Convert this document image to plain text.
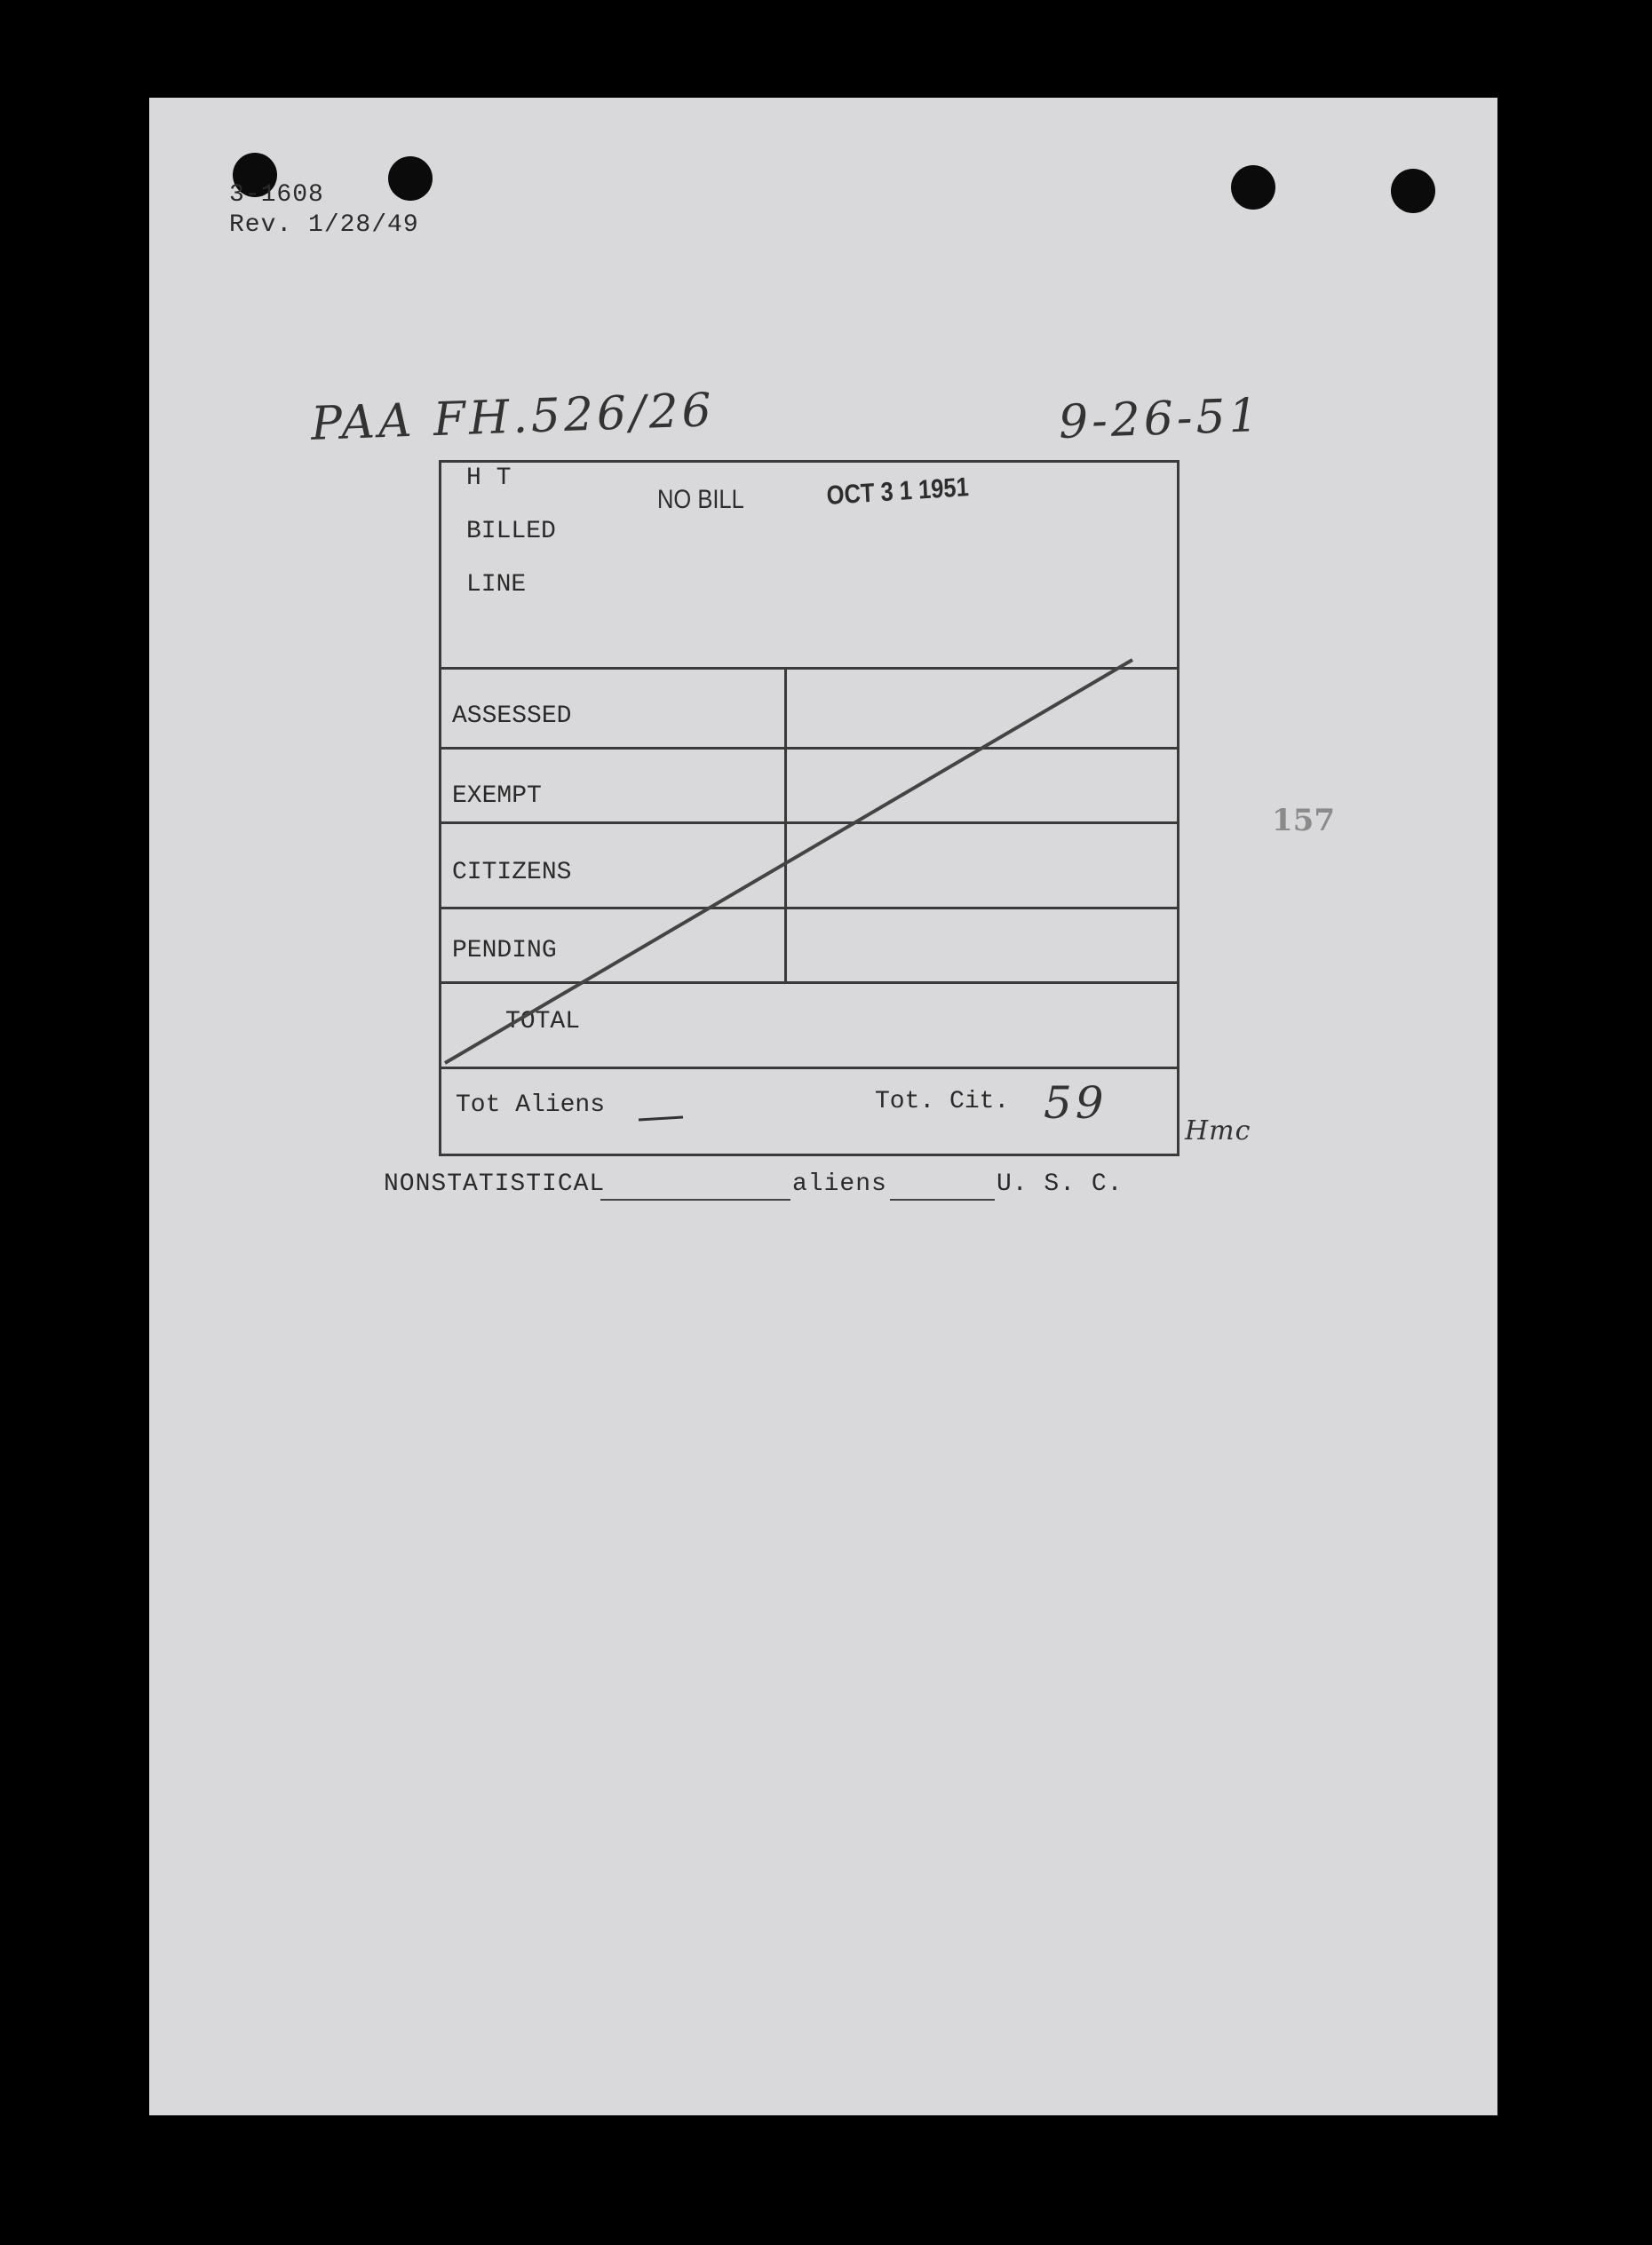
3-1608
Rev. 1/28/49
PAA FH.526/26	9-26-51
NO BILL	OCT 3 1 1951
157
H T
BILLED
LINE
ASSESSED
EXEMPT
CITIZENS
PENDING
TOTAL
Tot Aliens	Tot. Cit. 59
Hmc
NONSTATISTICAL	aliens	U. S. C.
